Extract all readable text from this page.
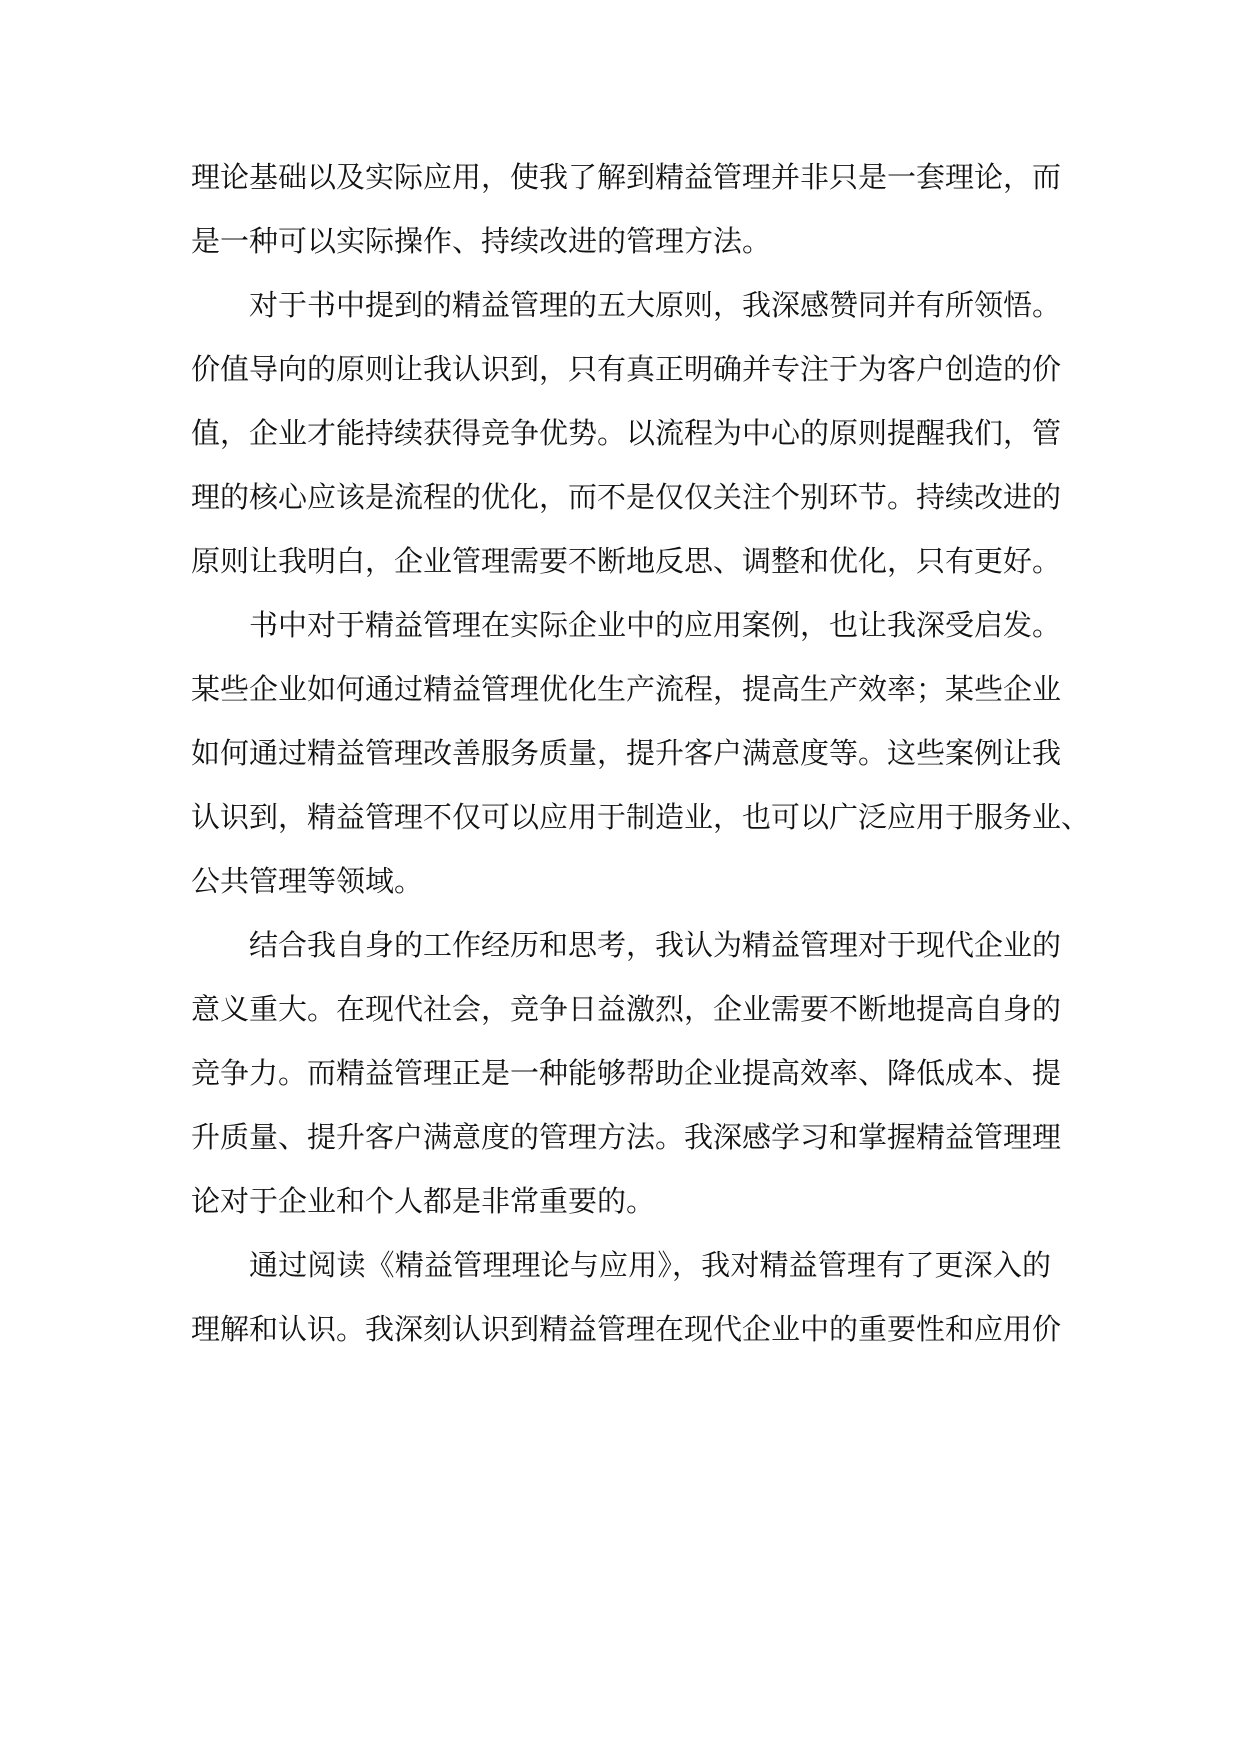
理论基础以及实际应用，使我了解到精益管理并非只是一套理论，而
是一种可以实际操作、持续改进的管理方法。
对于书中提到的精益管理的五大原则，我深感赞同并有所领悟。
价值导向的原则让我认识到，只有真正明确并专注于为客户创造的价
值，企业才能持续获得竞争优势。以流程为中心的原则提醒我们，管
理的核心应该是流程的优化，而不是仅仅关注个别环节。持续改进的
原则让我明白，企业管理需要不断地反思、调整和优化，只有更好。
书中对于精益管理在实际企业中的应用案例，也让我深受启发。
某些企业如何通过精益管理优化生产流程，提高生产效率；某些企业
如何通过精益管理改善服务质量，提升客户满意度等。这些案例让我
认识到，精益管理不仅可以应用于制造业，也可以广泛应用于服务业、
公共管理等领域。
结合我自身的工作经历和思考，我认为精益管理对于现代企业的
意义重大。在现代社会，竞争日益激烈，企业需要不断地提高自身的
竞争力。而精益管理正是一种能够帮助企业提高效率、降低成本、提
升质量、提升客户满意度的管理方法。我深感学习和掌握精益管理理
论对于企业和个人都是非常重要的。
通过阅读《精益管理理论与应用》，我对精益管理有了更深入的
理解和认识。我深刻认识到精益管理在现代企业中的重要性和应用价
